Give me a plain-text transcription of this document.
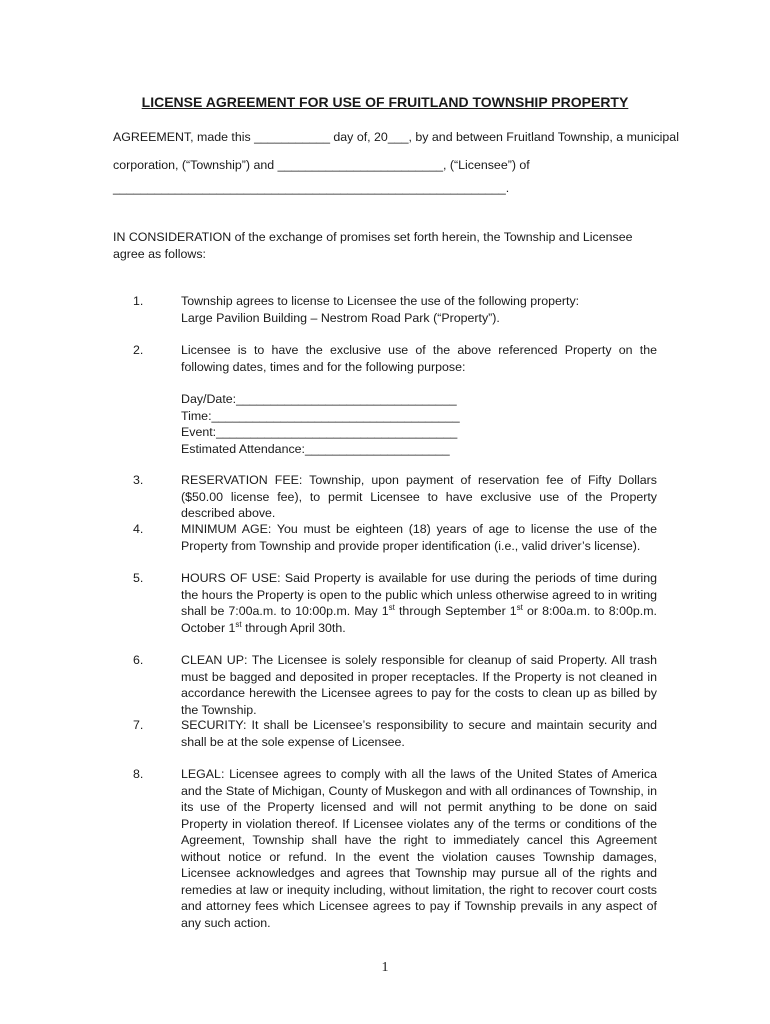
LICENSE AGREEMENT FOR USE OF FRUITLAND TOWNSHIP PROPERTY
AGREEMENT, made this ___________ day of, 20___, by and between Fruitland Township, a municipal
corporation, (“Township”) and ________________________, (“Licensee”) of
_________________________________________________________.
IN CONSIDERATION of the exchange of promises set forth herein, the Township and Licensee agree as follows:
1.	Township agrees to license to Licensee the use of the following property:

Large Pavilion Building – Nestrom Road Park (“Property”).

2.	Licensee is to have the exclusive use of the above referenced Property on the following dates, times and for the following purpose:

Day/Date:________________________________

Time:____________________________________

Event:___________________________________

Estimated Attendance:_____________________

3.	RESERVATION FEE: Township, upon payment of reservation fee of Fifty Dollars ($50.00 license fee), to permit Licensee to have exclusive use of the Property described above.
4.	MINIMUM AGE: You must be eighteen (18) years of age to license the use of the Property from Township and provide proper identification (i.e., valid driver’s license).
5.	HOURS OF USE: Said Property is available for use during the periods of time during the hours the Property is open to the public which unless otherwise agreed to in writing shall be 7:00a.m. to 10:00p.m. May 1st through September 1st or 8:00a.m. to 8:00p.m. October 1st through April 30th.
6.	CLEAN UP: The Licensee is solely responsible for cleanup of said Property. All trash must be bagged and deposited in proper receptacles. If the Property is not cleaned in accordance herewith the Licensee agrees to pay for the costs to clean up as billed by the Township.
7.	SECURITY: It shall be Licensee’s responsibility to secure and maintain security and shall be at the sole expense of Licensee.
8.	LEGAL: Licensee agrees to comply with all the laws of the United States of America and the State of Michigan, County of Muskegon and with all ordinances of Township, in its use of the Property licensed and will not permit anything to be done on said Property in violation thereof. If Licensee violates any of the terms or conditions of the Agreement, Township shall have the right to immediately cancel this Agreement without notice or refund. In the event the violation causes Township damages, Licensee acknowledges and agrees that Township may pursue all of the rights and remedies at law or inequity including, without limitation, the right to recover court costs and attorney fees which Licensee agrees to pay if Township prevails in any aspect of any such action.
1
